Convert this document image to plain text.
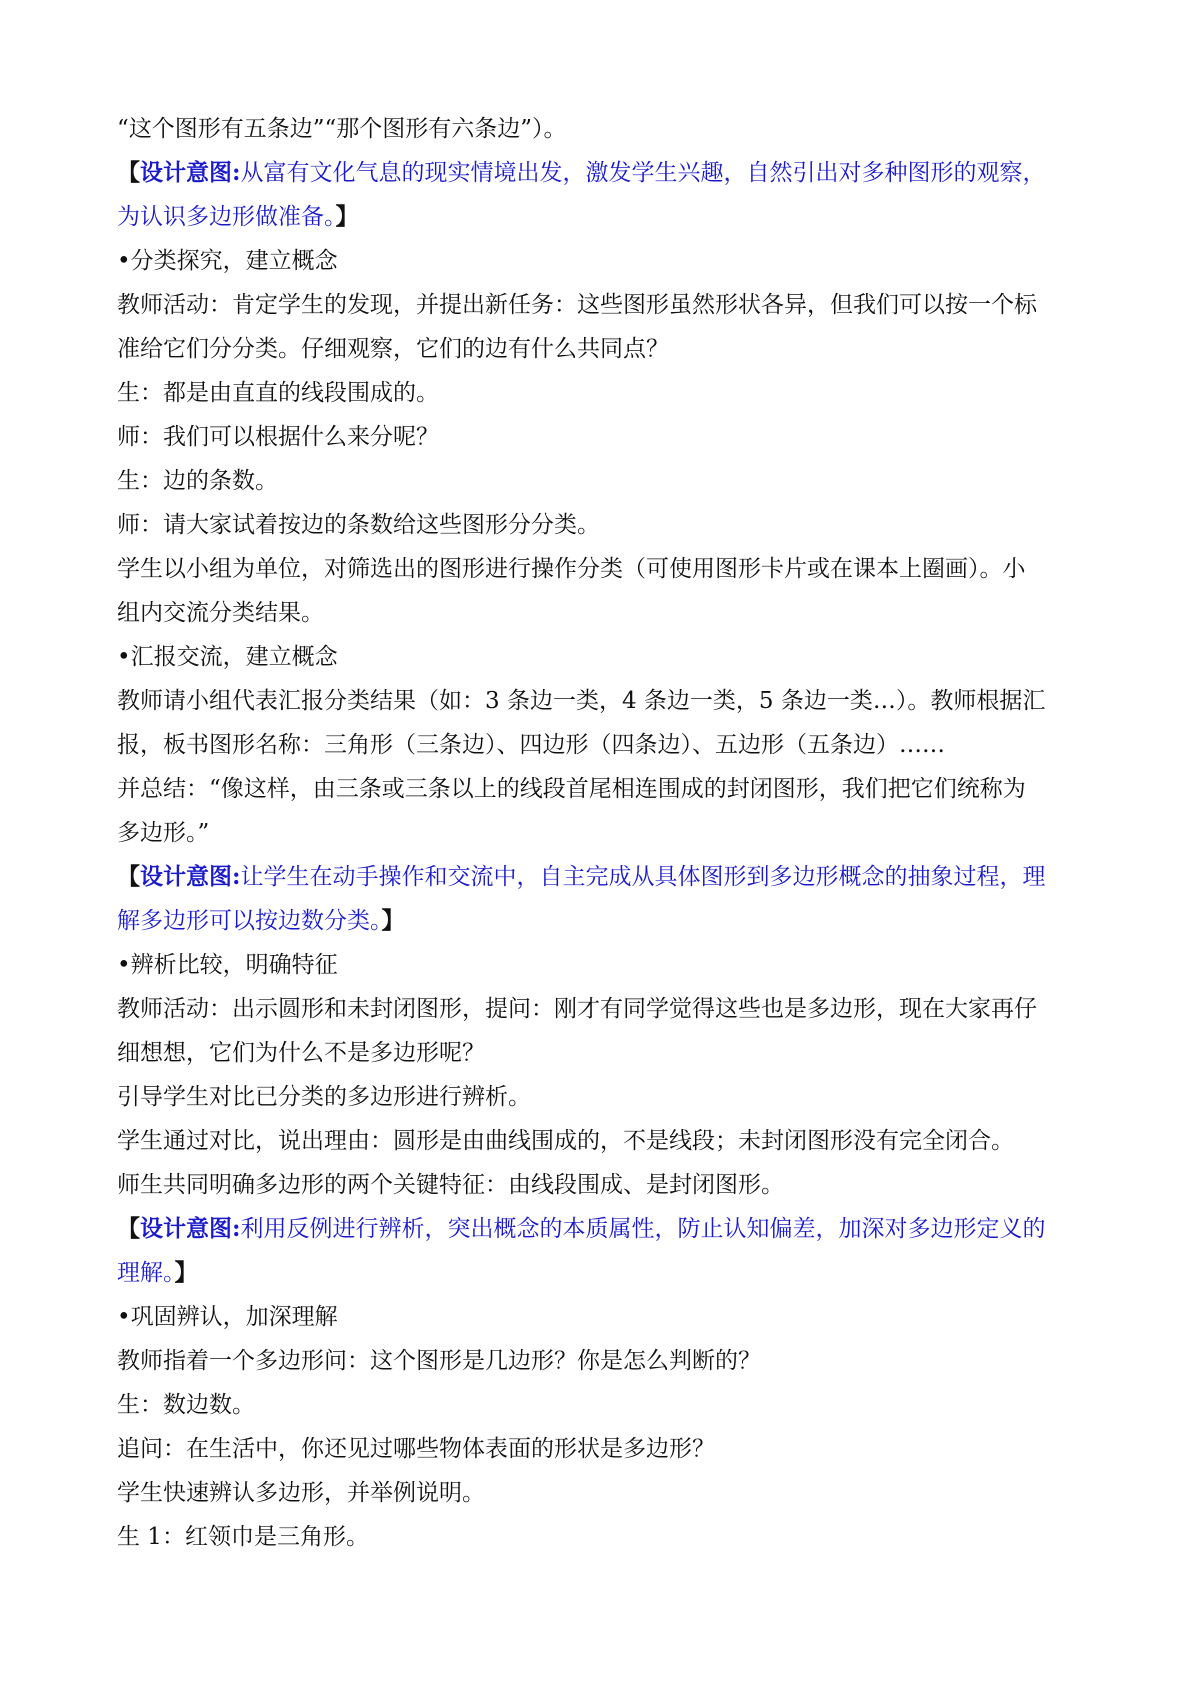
“这个图形有五条边”“那个图形有六条边”）。
【设计意图:从富有文化气息的现实情境出发，激发学生兴趣，自然引出对多种图形的观察，
为认识多边形做准备。】
•分类探究，建立概念
教师活动：肯定学生的发现，并提出新任务：这些图形虽然形状各异，但我们可以按一个标
准给它们分分类。仔细观察，它们的边有什么共同点？
生：都是由直直的线段围成的。
师：我们可以根据什么来分呢？
生：边的条数。
师：请大家试着按边的条数给这些图形分分类。
学生以小组为单位，对筛选出的图形进行操作分类（可使用图形卡片或在课本上圈画）。小
组内交流分类结果。
•汇报交流，建立概念
教师请小组代表汇报分类结果（如：3 条边一类，4 条边一类，5 条边一类…）。教师根据汇
报，板书图形名称：三角形（三条边）、四边形（四条边）、五边形（五条边）……
并总结：“像这样，由三条或三条以上的线段首尾相连围成的封闭图形，我们把它们统称为
多边形。”
【设计意图:让学生在动手操作和交流中，自主完成从具体图形到多边形概念的抽象过程，理
解多边形可以按边数分类。】
•辨析比较，明确特征
教师活动：出示圆形和未封闭图形，提问：刚才有同学觉得这些也是多边形，现在大家再仔
细想想，它们为什么不是多边形呢？
引导学生对比已分类的多边形进行辨析。
学生通过对比，说出理由：圆形是由曲线围成的，不是线段；未封闭图形没有完全闭合。
师生共同明确多边形的两个关键特征：由线段围成、是封闭图形。
【设计意图:利用反例进行辨析，突出概念的本质属性，防止认知偏差，加深对多边形定义的
理解。】
•巩固辨认，加深理解
教师指着一个多边形问：这个图形是几边形？你是怎么判断的？
生：数边数。
追问：在生活中，你还见过哪些物体表面的形状是多边形？
学生快速辨认多边形，并举例说明。
生 1：红领巾是三角形。
